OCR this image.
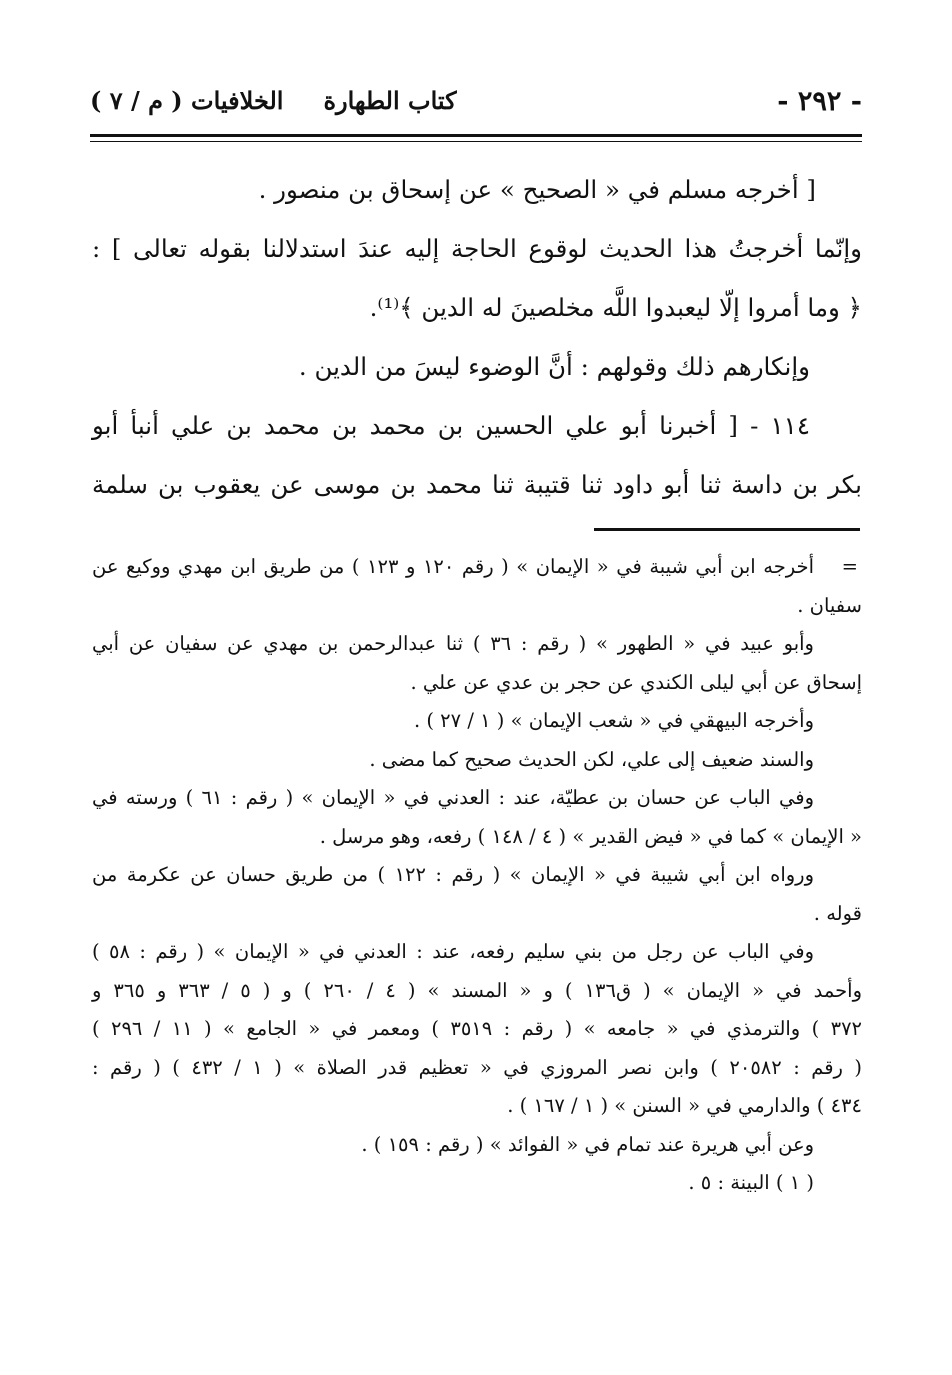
- ٢٩٢ -
كتاب الطهارةالخلافيات ( م / ٧ )

[ أخرجه مسلم في « الصحيح » عن إسحاق بن منصور .

وإنّما أخرجتُ هذا الحديث لوقوع الحاجة إليه عندَ استدلالنا بقوله تعالى ] :

﴿ وما أمروا إلّا ليعبدوا اللَّه مخلصينَ له الدين ﴾⁽¹⁾.

وإنكارهم ذلك وقولهم : أنَّ الوضوء ليسَ من الدين .

١١٤ - [ أخبرنا أبو علي الحسين بن محمد بن محمد بن علي أنبأ أبو

بكر بن داسة ثنا أبو داود ثنا قتيبة ثنا محمد بن موسى عن يعقوب بن سلمة

=أخرجه ابن أبي شيبة في « الإيمان » ( رقم ١٢٠ و ١٢٣ ) من طريق ابن مهدي ووكيع عن

سفيان .

وأبو عبيد في « الطهور » ( رقم : ٣٦ ) ثنا عبدالرحمن بن مهدي عن سفيان عن أبي

إسحاق عن أبي ليلى الكندي عن حجر بن عدي عن علي .

وأخرجه البيهقي في « شعب الإيمان » ( ١ / ٢٧ ) .

والسند ضعيف إلى علي، لكن الحديث صحيح كما مضى .

وفي الباب عن حسان بن عطيّة، عند : العدني في « الإيمان » ( رقم : ٦١ ) ورسته في

« الإيمان » كما في « فيض القدير » ( ٤ / ١٤٨ ) رفعه، وهو مرسل .

ورواه ابن أبي شيبة في « الإيمان » ( رقم : ١٢٢ ) من طريق حسان عن عكرمة من

قوله .

وفي الباب عن رجل من بني سليم رفعه، عند : العدني في « الإيمان » ( رقم : ٥٨ )

وأحمد في « الإيمان » ( ق١٣٦ ) و « المسند » ( ٤ / ٢٦٠ ) و ( ٥ / ٣٦٣ و ٣٦٥ و

٣٧٢ ) والترمذي في « جامعه » ( رقم : ٣٥١٩ ) ومعمر في « الجامع » ( ١١ / ٢٩٦ )

( رقم : ٢٠٥٨٢ ) وابن نصر المروزي في « تعظيم قدر الصلاة » ( ١ / ٤٣٢ ) ( رقم :

٤٣٤ ) والدارمي في « السنن » ( ١ / ١٦٧ ) .

وعن أبي هريرة عند تمام في « الفوائد » ( رقم : ١٥٩ ) .

( ١ ) البينة : ٥ .
